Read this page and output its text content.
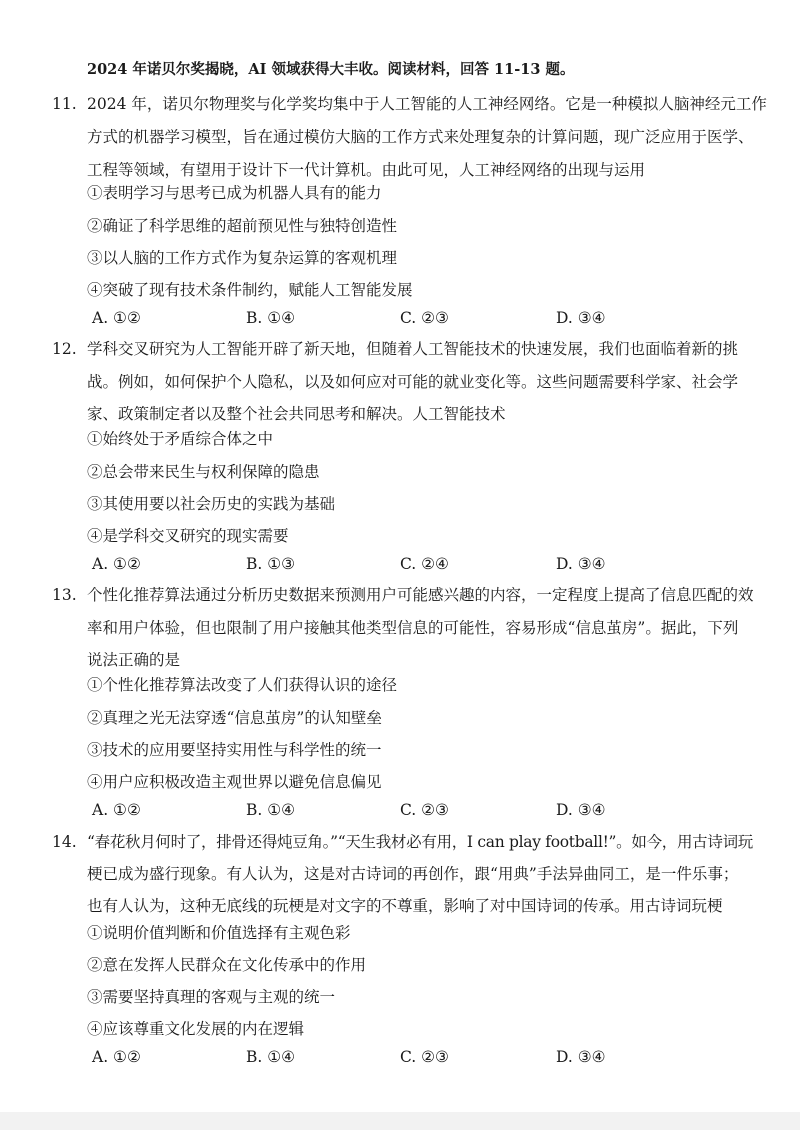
2024 年诺贝尔奖揭晓，AI 领域获得大丰收。阅读材料，回答 11-13 题。
11. 2024 年，诺贝尔物理奖与化学奖均集中于人工智能的人工神经网络。它是一种模拟人脑神经元工作
方式的机器学习模型，旨在通过模仿大脑的工作方式来处理复杂的计算问题，现广泛应用于医学、
工程等领域，有望用于设计下一代计算机。由此可见，人工神经网络的出现与运用
①表明学习与思考已成为机器人具有的能力
②确证了科学思维的超前预见性与独特创造性
③以人脑的工作方式作为复杂运算的客观机理
④突破了现有技术条件制约，赋能人工智能发展
A. ①②	B. ①④	C. ②③	D. ③④
12. 学科交叉研究为人工智能开辟了新天地，但随着人工智能技术的快速发展，我们也面临着新的挑
战。例如，如何保护个人隐私，以及如何应对可能的就业变化等。这些问题需要科学家、社会学
家、政策制定者以及整个社会共同思考和解决。人工智能技术
①始终处于矛盾综合体之中
②总会带来民生与权利保障的隐患
③其使用要以社会历史的实践为基础
④是学科交叉研究的现实需要
A. ①②	B. ①③	C. ②④	D. ③④
13. 个性化推荐算法通过分析历史数据来预测用户可能感兴趣的内容，一定程度上提高了信息匹配的效
率和用户体验，但也限制了用户接触其他类型信息的可能性，容易形成“信息茧房”。据此，下列
说法正确的是
①个性化推荐算法改变了人们获得认识的途径
②真理之光无法穿透“信息茧房”的认知壁垒
③技术的应用要坚持实用性与科学性的统一
④用户应积极改造主观世界以避免信息偏见
A. ①②	B. ①④	C. ②③	D. ③④
14. “春花秋月何时了，排骨还得炖豆角。”“天生我材必有用，I can play football!”。如今，用古诗词玩
梗已成为盛行现象。有人认为，这是对古诗词的再创作，跟“用典”手法异曲同工，是一件乐事；
也有人认为，这种无底线的玩梗是对文字的不尊重，影响了对中国诗词的传承。用古诗词玩梗
①说明价值判断和价值选择有主观色彩
②意在发挥人民群众在文化传承中的作用
③需要坚持真理的客观与主观的统一
④应该尊重文化发展的内在逻辑
A. ①②	B. ①④	C. ②③	D. ③④
